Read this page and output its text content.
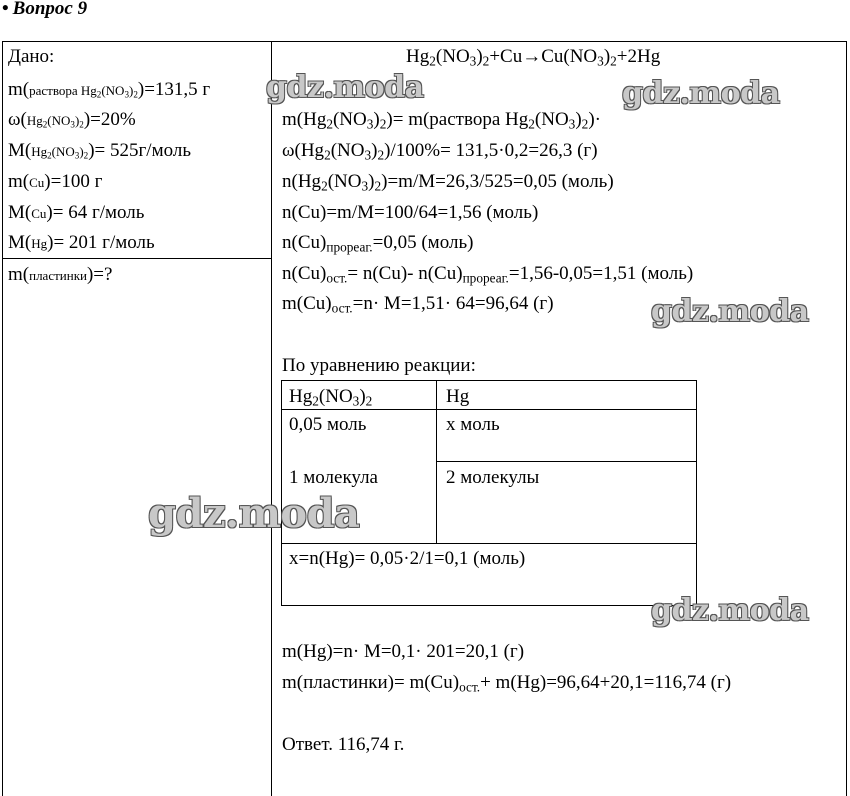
• Вопрос 9
Дано:
m(раствора $Hg_2(NO_3)_2)=131,5$ г
$\omega(Hg_2(NO_3)_2)=20\%$
$M(Hg_2(NO_3)_2)=$ 525г/моль
m(Cu)=100 г
M(Cu)= 64 г/моль
M(Hg)= 201 г/моль
m(пластинки)=?
$Hg_2(NO_3)_2+Cu\to Cu(NO_3)_2+2Hg$
$m(Hg_2(NO_3)_2)=$ m(раствора $Hg_2(NO_3)_2)\cdot$
$\omega(Hg_2(NO_3)_2)/100\%= 131,5\cdot 0,2=26,3$ (г)
$n(Hg_2(NO_3)_2)=m/M=26,3/525=0,05$ (моль)
n(Cu)=m/M=100/64=1,56 (моль)
$n(Cu)_{прореаг.}=0,05$ (моль)
$n(Cu)_{ост.}= n(Cu)-$ $n(Cu)_{прореаг.}=1,56-0,05=1,51$ (моль)
$m(Cu)_{ост.}=n\cdot M=1,51\cdot 64=96,64$ (г)
По уравнению реакции:
$Hg_2(NO_3)_2$	Hg
0,05 моль	х моль
1 молекула	2 молекулы
x=n(Hg)= 0,05·2/1=0,1 (моль)
m(Hg)=n· M=0,1· 201=20,1 (г)
m(пластинки)= $m(Cu)_{ост.}+ m(Hg)=96,64+20,1=116,74$ (г)
Ответ. 116,74 г.
gdz.moda	gdz.moda
gdz.moda
gdz.moda
gdz.moda
